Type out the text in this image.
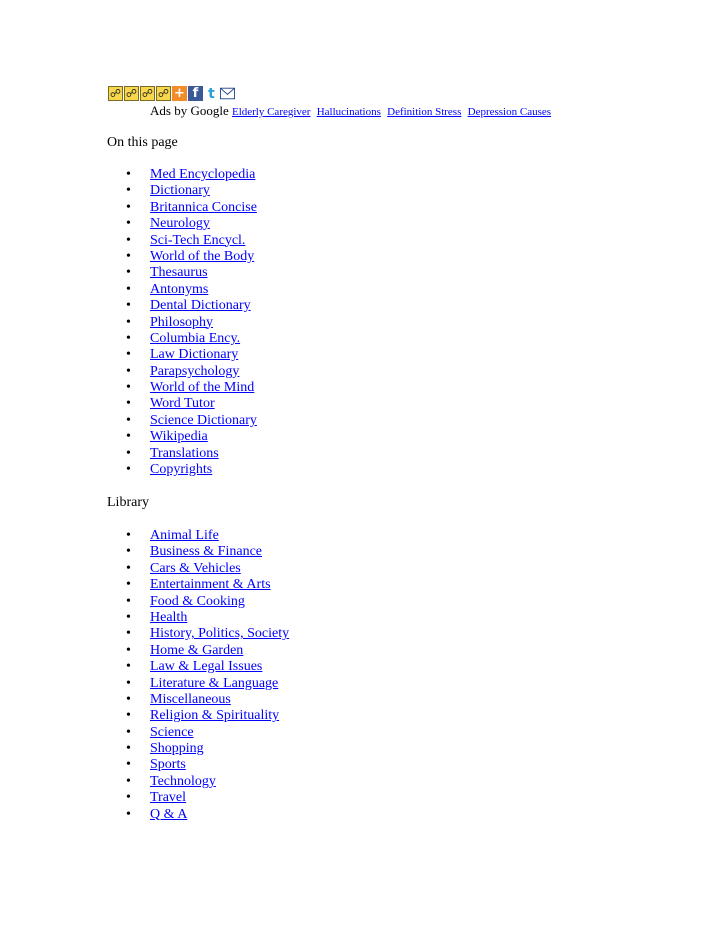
☍ ☍ ☍ ☍ + f t
Ads by Google Elderly Caregiver Hallucinations Definition Stress Depression Causes
On this page
• Med Encyclopedia
• Dictionary
• Britannica Concise
• Neurology
• Sci-Tech Encycl.
• World of the Body
• Thesaurus
• Antonyms
• Dental Dictionary
• Philosophy
• Columbia Ency.
• Law Dictionary
• Parapsychology
• World of the Mind
• Word Tutor
• Science Dictionary
• Wikipedia
• Translations
• Copyrights
Library
• Animal Life
• Business & Finance
• Cars & Vehicles
• Entertainment & Arts
• Food & Cooking
• Health
• History, Politics, Society
• Home & Garden
• Law & Legal Issues
• Literature & Language
• Miscellaneous
• Religion & Spirituality
• Science
• Shopping
• Sports
• Technology
• Travel
• Q & A
